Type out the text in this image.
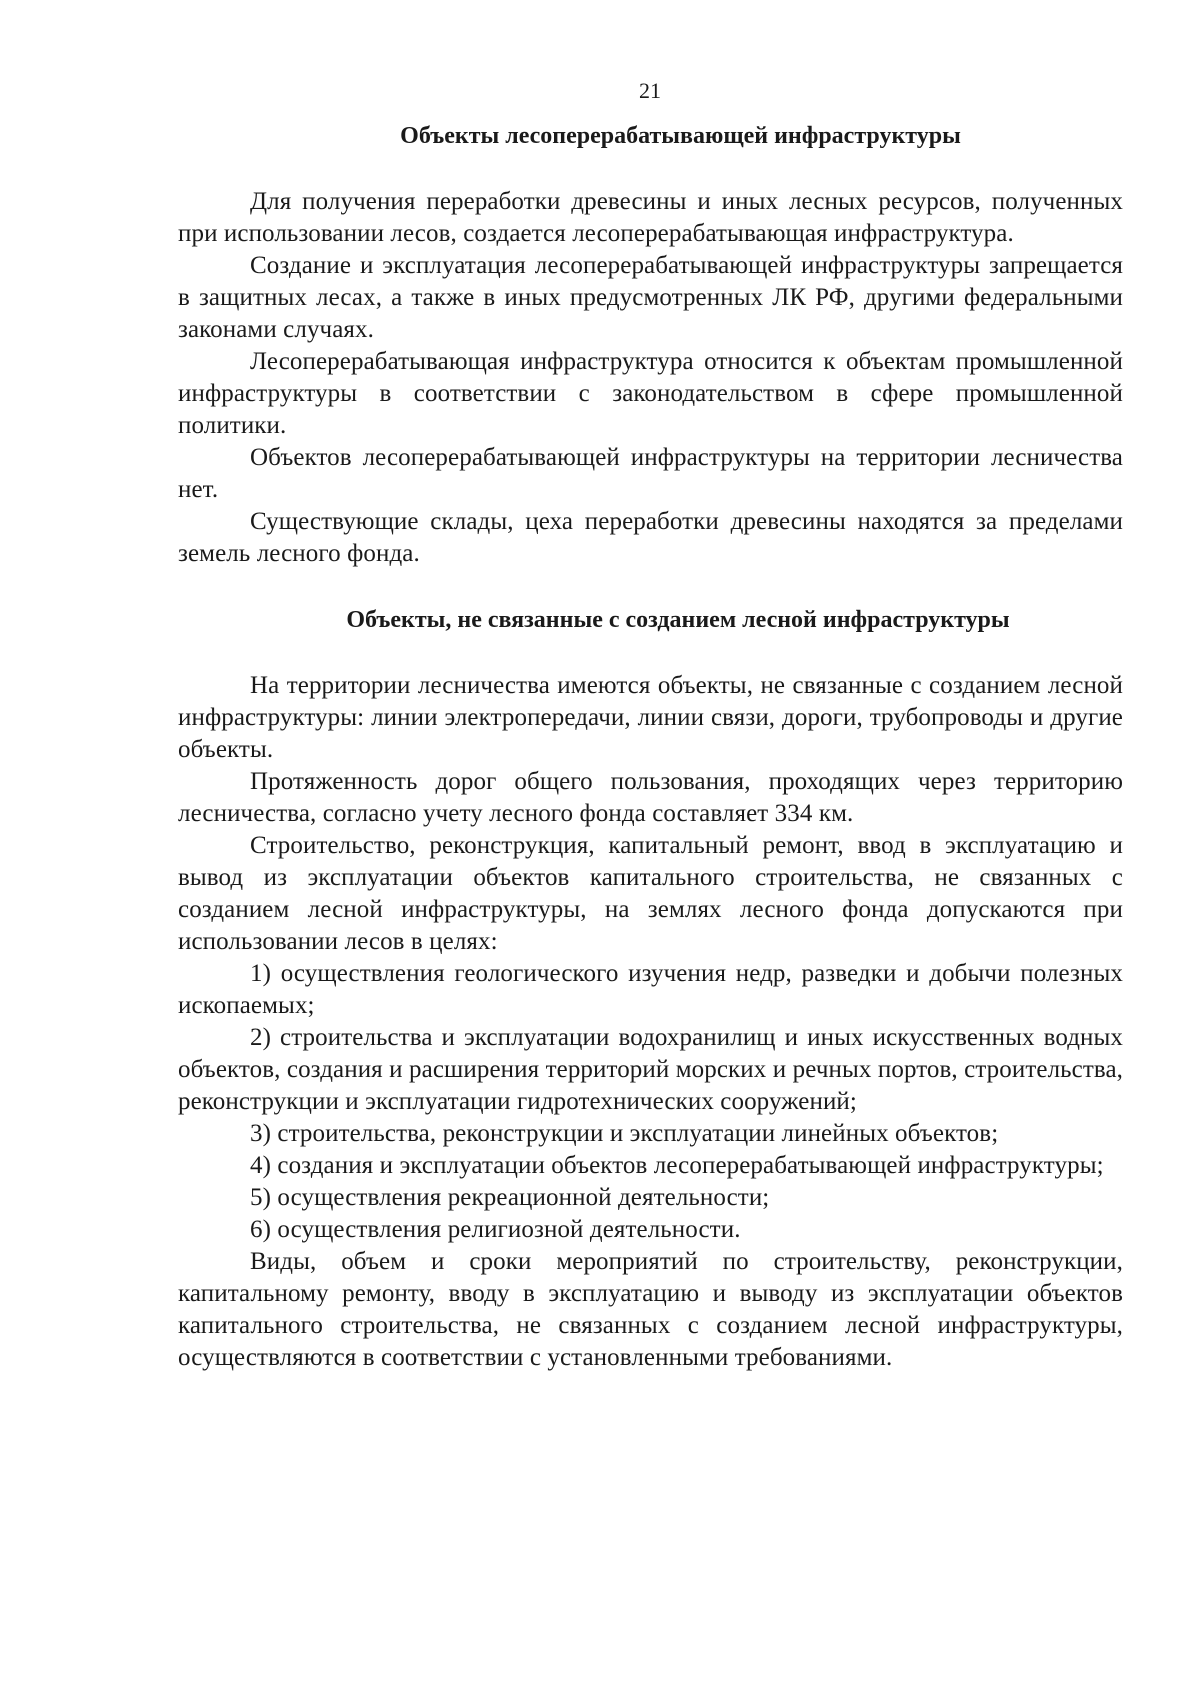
21
Объекты лесоперерабатывающей инфраструктуры

Для получения переработки древесины и иных лесных ресурсов, полученных при использовании лесов, создается лесоперерабатывающая инфраструктура.

Создание и эксплуатация лесоперерабатывающей инфраструктуры запрещается в защитных лесах, а также в иных предусмотренных ЛК РФ, другими федеральными законами случаях.

Лесоперерабатывающая инфраструктура относится к объектам промышленной инфраструктуры в соответствии с законодательством в сфере промышленной политики.

Объектов лесоперерабатывающей инфраструктуры на территории лесничества нет.

Существующие склады, цеха переработки древесины находятся за пределами земель лесного фонда.

Объекты, не связанные с созданием лесной инфраструктуры

На территории лесничества имеются объекты, не связанные с созданием лесной инфраструктуры: линии электропередачи, линии связи, дороги, трубопроводы и другие объекты.

Протяженность дорог общего пользования, проходящих через территорию лесничества, согласно учету лесного фонда составляет 334 км.

Строительство, реконструкция, капитальный ремонт, ввод в эксплуатацию и вывод из эксплуатации объектов капитального строительства, не связанных с созданием лесной инфраструктуры, на землях лесного фонда допускаются при использовании лесов в целях:

1) осуществления геологического изучения недр, разведки и добычи полезных ископаемых;

2) строительства и эксплуатации водохранилищ и иных искусственных водных объектов, создания и расширения территорий морских и речных портов, строительства, реконструкции и эксплуатации гидротехнических сооружений;

3) строительства, реконструкции и эксплуатации линейных объектов;

4) создания и эксплуатации объектов лесоперерабатывающей инфраструктуры;

5) осуществления рекреационной деятельности;

6) осуществления религиозной деятельности.

Виды, объем и сроки мероприятий по строительству, реконструкции, капитальному ремонту, вводу в эксплуатацию и выводу из эксплуатации объектов капитального строительства, не связанных с созданием лесной инфраструктуры, осуществляются в соответствии с установленными требованиями.
